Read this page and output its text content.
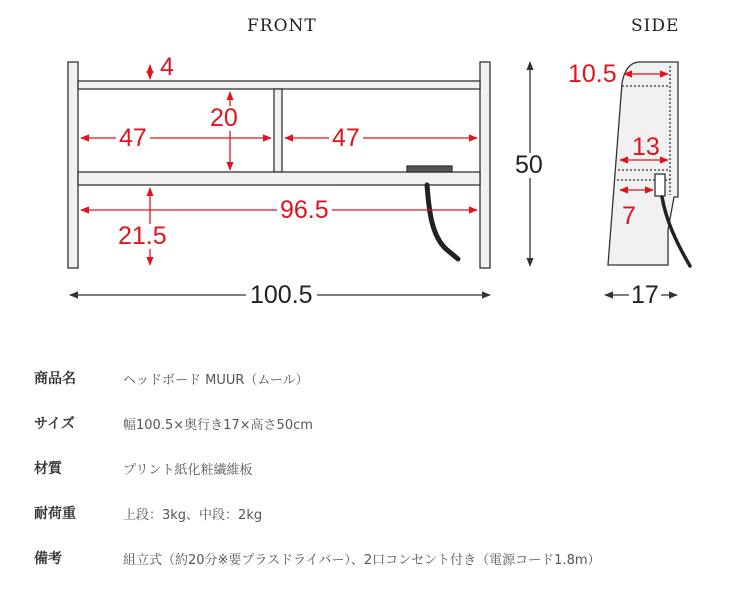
FRONT	SIDE
4
20
47	47
96.5
21.5
50
100.5
10.5
13
7
17
商品名	ヘッドボード MUUR（ムール）
サイズ	幅100.5×奥行き17×高さ50cm
材質	プリント紙化粧繊維板
耐荷重	上段：3kg、中段：2kg
備考	組立式（約20分※要プラスドライバー）、2口コンセント付き（電源コード1.8m）
